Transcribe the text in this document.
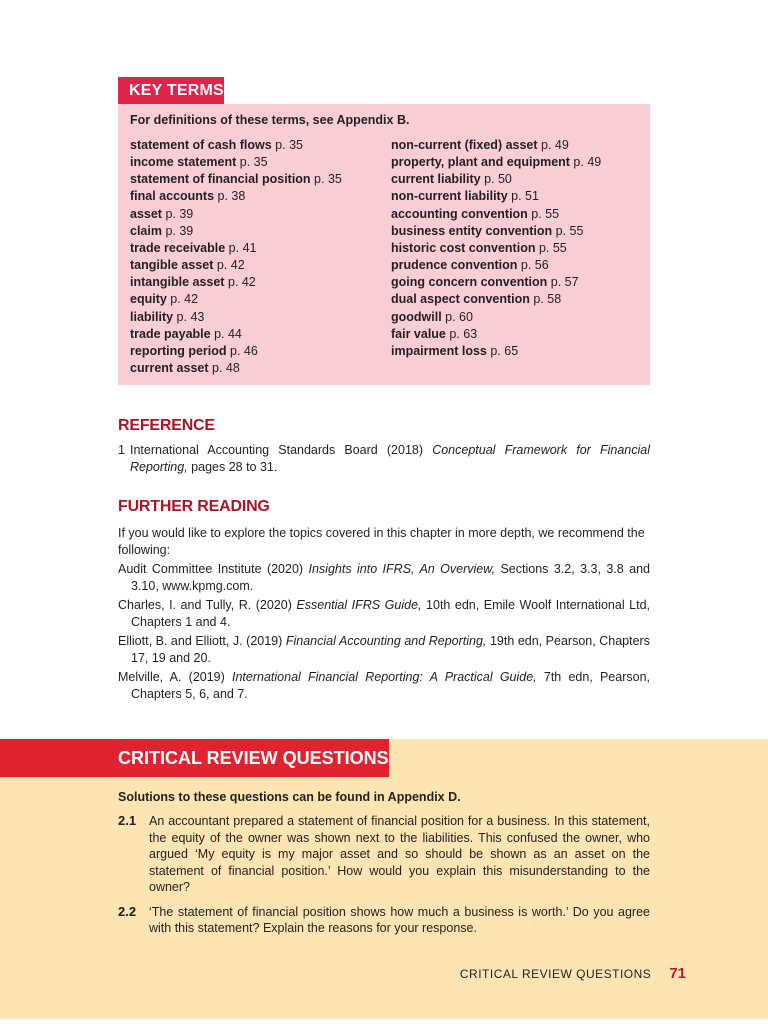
KEY TERMS
For definitions of these terms, see Appendix B.
statement of cash flows p. 35
income statement p. 35
statement of financial position p. 35
final accounts p. 38
asset p. 39
claim p. 39
trade receivable p. 41
tangible asset p. 42
intangible asset p. 42
equity p. 42
liability p. 43
trade payable p. 44
reporting period p. 46
current asset p. 48
non-current (fixed) asset p. 49
property, plant and equipment p. 49
current liability p. 50
non-current liability p. 51
accounting convention p. 55
business entity convention p. 55
historic cost convention p. 55
prudence convention p. 56
going concern convention p. 57
dual aspect convention p. 58
goodwill p. 60
fair value p. 63
impairment loss p. 65
REFERENCE
1 International Accounting Standards Board (2018) Conceptual Framework for Financial Reporting, pages 28 to 31.
FURTHER READING
If you would like to explore the topics covered in this chapter in more depth, we recommend the following:
Audit Committee Institute (2020) Insights into IFRS, An Overview, Sections 3.2, 3.3, 3.8 and 3.10, www.kpmg.com.
Charles, I. and Tully, R. (2020) Essential IFRS Guide, 10th edn, Emile Woolf International Ltd, Chapters 1 and 4.
Elliott, B. and Elliott, J. (2019) Financial Accounting and Reporting, 19th edn, Pearson, Chapters 17, 19 and 20.
Melville, A. (2019) International Financial Reporting: A Practical Guide, 7th edn, Pearson, Chapters 5, 6, and 7.
CRITICAL REVIEW QUESTIONS
Solutions to these questions can be found in Appendix D.
2.1	An accountant prepared a statement of financial position for a business. In this statement, the equity of the owner was shown next to the liabilities. This confused the owner, who argued ‘My equity is my major asset and so should be shown as an asset on the statement of financial position.’ How would you explain this misunderstanding to the owner?
2.2	‘The statement of financial position shows how much a business is worth.’ Do you agree with this statement? Explain the reasons for your response.
CRITICAL REVIEW QUESTIONS 71
